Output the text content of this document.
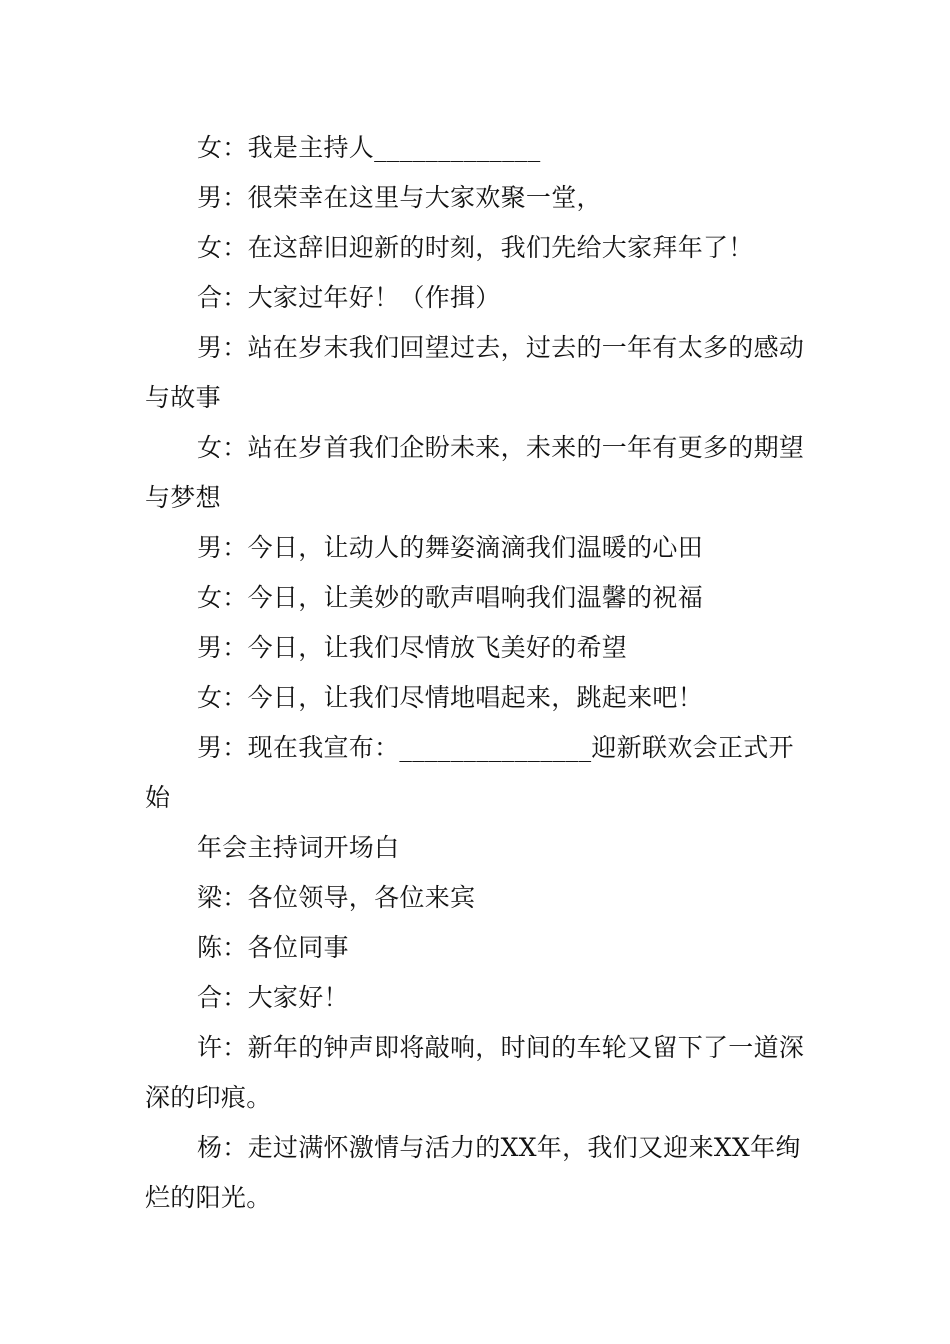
女：我是主持人_____________

男：很荣幸在这里与大家欢聚一堂，

女：在这辞旧迎新的时刻，我们先给大家拜年了！

合：大家过年好！（作揖）

男：站在岁末我们回望过去，过去的一年有太多的感动与故事

女：站在岁首我们企盼未来，未来的一年有更多的期望与梦想

男：今日，让动人的舞姿滴滴我们温暖的心田

女：今日，让美妙的歌声唱响我们温馨的祝福

男：今日，让我们尽情放飞美好的希望

女：今日，让我们尽情地唱起来，跳起来吧！

男：现在我宣布：_______________迎新联欢会正式开始

年会主持词开场白

梁：各位领导，各位来宾

陈：各位同事

合：大家好！

许：新年的钟声即将敲响，时间的车轮又留下了一道深深的印痕。

杨：走过满怀激情与活力的XX年，我们又迎来XX年绚烂的阳光。
